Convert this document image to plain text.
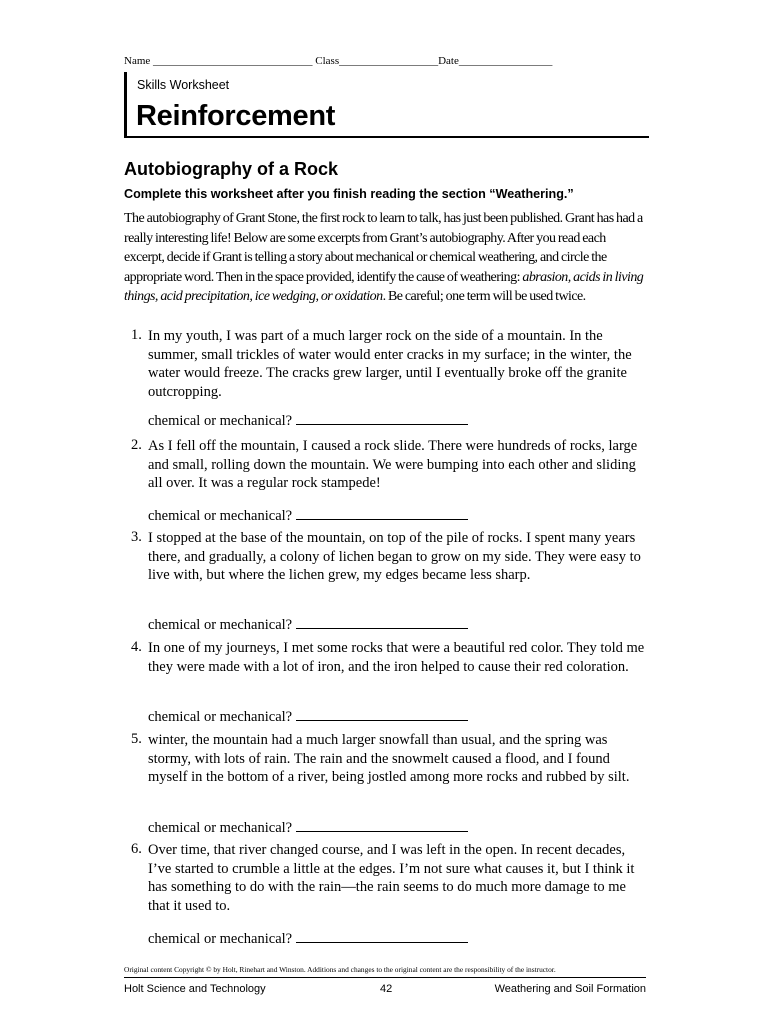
Name _____________________________ Class__________________Date_________________
Skills Worksheet
Reinforcement
Autobiography of a Rock
Complete this worksheet after you finish reading the section “Weathering.”
The autobiography of Grant Stone, the first rock to learn to talk, has just been published. Grant has had a really interesting life! Below are some excerpts from Grant’s autobiography. After you read each excerpt, decide if Grant is telling a story about mechanical or chemical weathering, and circle the appropriate word. Then in the space provided, identify the cause of weathering: abrasion, acids in living things, acid precipitation, ice wedging, or oxidation. Be careful; one term will be used twice.
1. In my youth, I was part of a much larger rock on the side of a mountain. In the summer, small trickles of water would enter cracks in my surface; in the winter, the water would freeze. The cracks grew larger, until I eventually broke off the granite outcropping.
chemical or mechanical?
2. As I fell off the mountain, I caused a rock slide. There were hundreds of rocks, large and small, rolling down the mountain. We were bumping into each other and sliding all over. It was a regular rock stampede!
chemical or mechanical?
3. I stopped at the base of the mountain, on top of the pile of rocks. I spent many years there, and gradually, a colony of lichen began to grow on my side. They were easy to live with, but where the lichen grew, my edges became less sharp.
chemical or mechanical?
4. In one of my journeys, I met some rocks that were a beautiful red color. They told me they were made with a lot of iron, and the iron helped to cause their red coloration.
chemical or mechanical?
5. winter, the mountain had a much larger snowfall than usual, and the spring was stormy, with lots of rain. The rain and the snowmelt caused a flood, and I found myself in the bottom of a river, being jostled among more rocks and rubbed by silt.
chemical or mechanical?
6. Over time, that river changed course, and I was left in the open. In recent decades, I’ve started to crumble a little at the edges. I’m not sure what causes it, but I think it has something to do with the rain—the rain seems to do much more damage to me that it used to.
chemical or mechanical?
Original content Copyright © by Holt, Rinehart and Winston. Additions and changes to the original content are the responsibility of the instructor.
Holt Science and Technology	42	Weathering and Soil Formation
